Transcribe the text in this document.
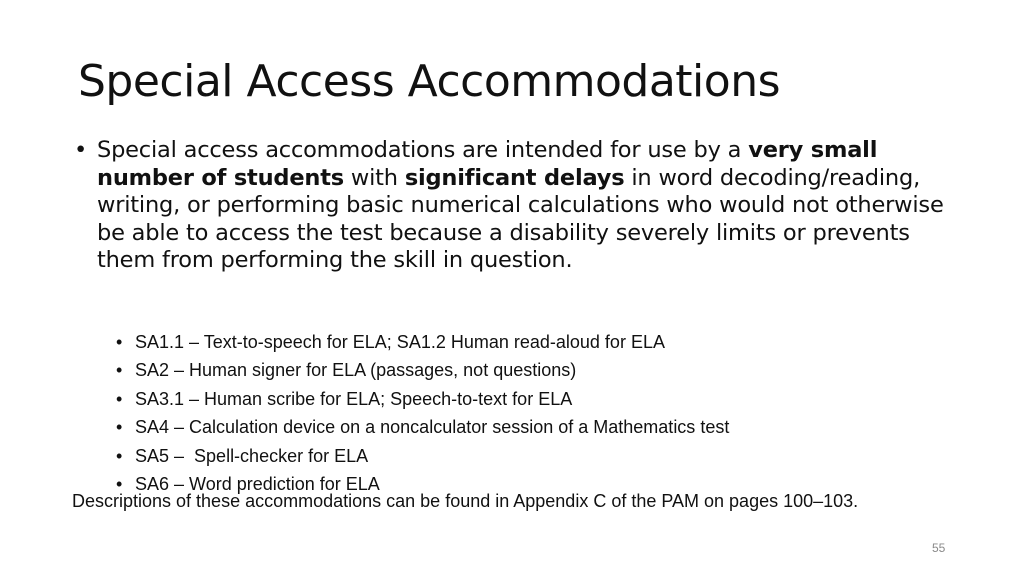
Special Access Accommodations
• Special access accommodations are intended for use by a very small number of students with significant delays in word decoding/reading, writing, or performing basic numerical calculations who would not otherwise be able to access the test because a disability severely limits or prevents them from performing the skill in question.
• SA1.1 – Text-to-speech for ELA; SA1.2 Human read-aloud for ELA
• SA2 – Human signer for ELA (passages, not questions)
• SA3.1 – Human scribe for ELA; Speech-to-text for ELA
• SA4 – Calculation device on a noncalculator session of a Mathematics test
• SA5 –  Spell-checker for ELA
• SA6 – Word prediction for ELA
Descriptions of these accommodations can be found in Appendix C of the PAM on pages 100–103.
55
